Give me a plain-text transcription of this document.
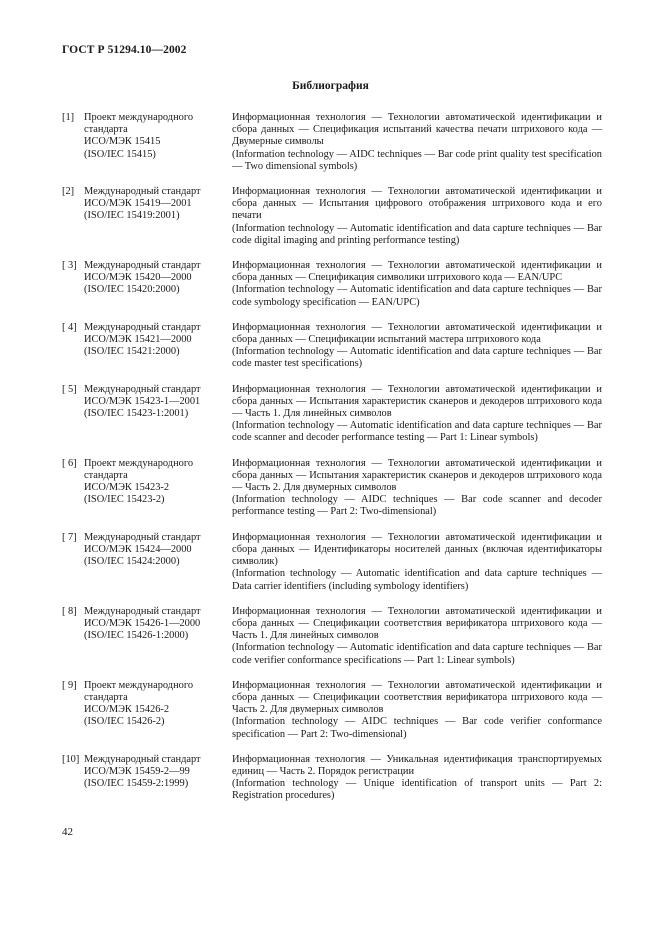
ГОСТ Р 51294.10—2002
Библиография
[1] Проект международного
стандарта
ИСО/МЭК 15415
(ISO/IEC 15415)
Информационная технология — Технологии автоматической идентификации и сбора данных — Спецификация испытаний качества печати штрихового кода — Двумерные символы
(Information technology — AIDC techniques — Bar code print quality test specification — Two dimensional symbols)
[2] Международный стандарт
ИСО/МЭК 15419—2001
(ISO/IEC 15419:2001)
Информационная технология — Технологии автоматической идентификации и сбора данных — Испытания цифрового отображения штрихового кода и его печати
(Information technology — Automatic identification and data capture techniques — Bar code digital imaging and printing performance testing)
[ 3] Международный стандарт
ИСО/МЭК 15420—2000
(ISO/IEC 15420:2000)
Информационная технология — Технологии автоматической идентификации и сбора данных — Спецификация символики штрихового кода — EAN/UPC
(Information technology — Automatic identification and data capture techniques — Bar code symbology specification — EAN/UPC)
[ 4] Международный стандарт
ИСО/МЭК 15421—2000
(ISO/IEC 15421:2000)
Информационная технология — Технологии автоматической идентификации и сбора данных — Спецификации испытаний мастера штрихового кода
(Information technology — Automatic identification and data capture techniques — Bar code master test specifications)
[ 5] Международный стандарт
ИСО/МЭК 15423-1—2001
(ISO/IEC 15423-1:2001)
Информационная технология — Технологии автоматической идентификации и сбора данных — Испытания характеристик сканеров и декодеров штрихового кода — Часть 1. Для линейных символов
(Information technology — Automatic identification and data capture techniques — Bar code scanner and decoder performance testing — Part 1: Linear symbols)
[ 6] Проект международного
стандарта
ИСО/МЭК 15423-2
(ISO/IEC 15423-2)
Информационная технология — Технологии автоматической идентификации и сбора данных — Испытания характеристик сканеров и декодеров штрихового кода — Часть 2. Для двумерных символов
(Information technology — AIDC techniques — Bar code scanner and decoder performance testing — Part 2: Two-dimensional)
[ 7] Международный стандарт
ИСО/МЭК 15424—2000
(ISO/IEC 15424:2000)
Информационная технология — Технологии автоматической идентификации и сбора данных — Идентификаторы носителей данных (включая идентификаторы символик)
(Information technology — Automatic identification and data capture techniques — Data carrier identifiers (including symbology identifiers)
[ 8] Международный стандарт
ИСО/МЭК 15426-1—2000
(ISO/IEC 15426-1:2000)
Информационная технология — Технологии автоматической идентификации и сбора данных — Спецификации соответствия верификатора штрихового кода — Часть 1. Для линейных символов
(Information technology — Automatic identification and data capture techniques — Bar code verifier conformance specifications — Part 1: Linear symbols)
[ 9] Проект международного
стандарта
ИСО/МЭК 15426-2
(ISO/IEC 15426-2)
Информационная технология — Технологии автоматической идентификации и сбора данных — Спецификации соответствия верификатора штрихового кода — Часть 2. Для двумерных символов
(Information technology — AIDC techniques — Bar code verifier conformance specification — Part 2: Two-dimensional)
[10] Международный стандарт
ИСО/МЭК 15459-2—99
(ISO/IEC 15459-2:1999)
Информационная технология — Уникальная идентификация транспортируемых единиц — Часть 2. Порядок регистрации
(Information technology — Unique identification of transport units — Part 2: Registration procedures)
42
